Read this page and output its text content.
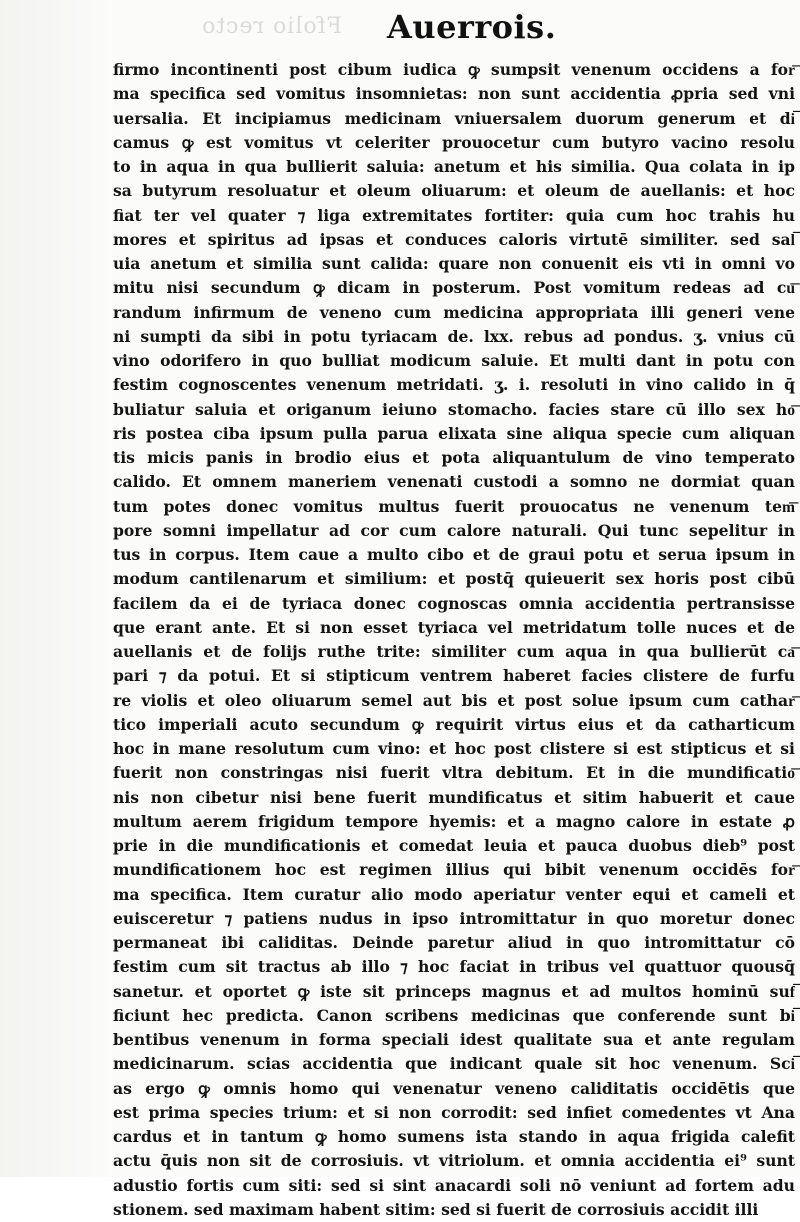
Ffolio recto Auerrois.
firmo incontinenti post cibum iudica ꝙ sumpsit venenum occidens a for͞
ma specifica sed vomitus insomnietas: non sunt accidentia ꝓpria sed vni
uersalia. Et incipiamus medicinam vniuersalem duorum generum et di͞
camus ꝙ est vomitus vt celeriter prouocetur cum butyro vacino resolu
to in aqua in qua bullierit saluia: anetum et his similia. Qua colata in ip
sa butyrum resoluatur et oleum oliuarum: et oleum de auellanis: et hoc
fiat ter vel quater ⁊ liga extremitates fortiter: quia cum hoc trahis hu
mores et spiritus ad ipsas et conduces caloris virtutē similiter. sed sal͞
uia anetum et similia sunt calida: quare non conuenit eis vti in omni vo
mitu nisi secundum ꝙ dicam in posterum. Post vomitum redeas ad cu͞
randum infirmum de veneno cum medicina appropriata illi generi vene
ni sumpti da sibi in potu tyriacam de. lxx. rebus ad pondus. ʒ. vnius cū
vino odorifero in quo bulliat modicum saluie. Et multi dant in potu con
festim cognoscentes venenum metridati. ʒ. i. resoluti in vino calido in q̄
buliatur saluia et origanum ieiuno stomacho. facies stare cū illo sex ho͞
ris postea ciba ipsum pulla parua elixata sine aliqua specie cum aliquan
tis micis panis in brodio eius et pota aliquantulum de vino temperato
calido. Et omnem maneriem venenati custodi a somno ne dormiat quan
tum potes donec vomitus multus fuerit prouocatus ne venenum tem͞
pore somni impellatur ad cor cum calore naturali. Qui tunc sepelitur in
tus in corpus. Item caue a multo cibo et de graui potu et serua ipsum in
modum cantilenarum et similium: et postq̄ quieuerit sex horis post cibū
facilem da ei de tyriaca donec cognoscas omnia accidentia pertransisse
que erant ante. Et si non esset tyriaca vel metridatum tolle nuces et de
auellanis et de folijs ruthe trite: similiter cum aqua in qua bullierūt ca͞
pari ⁊ da potui. Et si stipticum ventrem haberet facies clistere de furfu
re violis et oleo oliuarum semel aut bis et post solue ipsum cum cathar͞
tico imperiali acuto secundum ꝙ requirit virtus eius et da catharticum
hoc in mane resolutum cum vino: et hoc post clistere si est stipticus et si
fuerit non constringas nisi fuerit vltra debitum. Et in die mundificatio͞
nis non cibetur nisi bene fuerit mundificatus et sitim habuerit et caue
multum aerem frigidum tempore hyemis: et a magno calore in estate ꝓ
prie in die mundificationis et comedat leuia et pauca duobus dieb⁹ post
mundificationem hoc est regimen illius qui bibit venenum occidēs for͞
ma specifica. Item curatur alio modo aperiatur venter equi et cameli et
euisceretur ⁊ patiens nudus in ipso intromittatur in quo moretur donec
permaneat ibi caliditas. Deinde paretur aliud in quo intromittatur cō
festim cum sit tractus ab illo ⁊ hoc faciat in tribus vel quattuor quousq̄
sanetur. et oportet ꝙ iste sit princeps magnus et ad multos hominū suf͞
ficiunt hec predicta. Canon scribens medicinas que conferende sunt bi͞
bentibus venenum in forma speciali idest qualitate sua et ante regulam
medicinarum. scias accidentia que indicant quale sit hoc venenum. Sci͞
as ergo ꝙ omnis homo qui venenatur veneno caliditatis occidētis que
est prima species trium: et si non corrodit: sed infiet comedentes vt Ana
cardus et in tantum ꝙ homo sumens ista stando in aqua frigida calefit
actu q̄uis non sit de corrosiuis. vt vitriolum. et omnia accidentia ei⁹ sunt
adustio fortis cum siti: sed si sint anacardi soli nō veniunt ad fortem adu
stionem. sed maximam habent sitim: sed si fuerit de corrosiuis accidit illi
